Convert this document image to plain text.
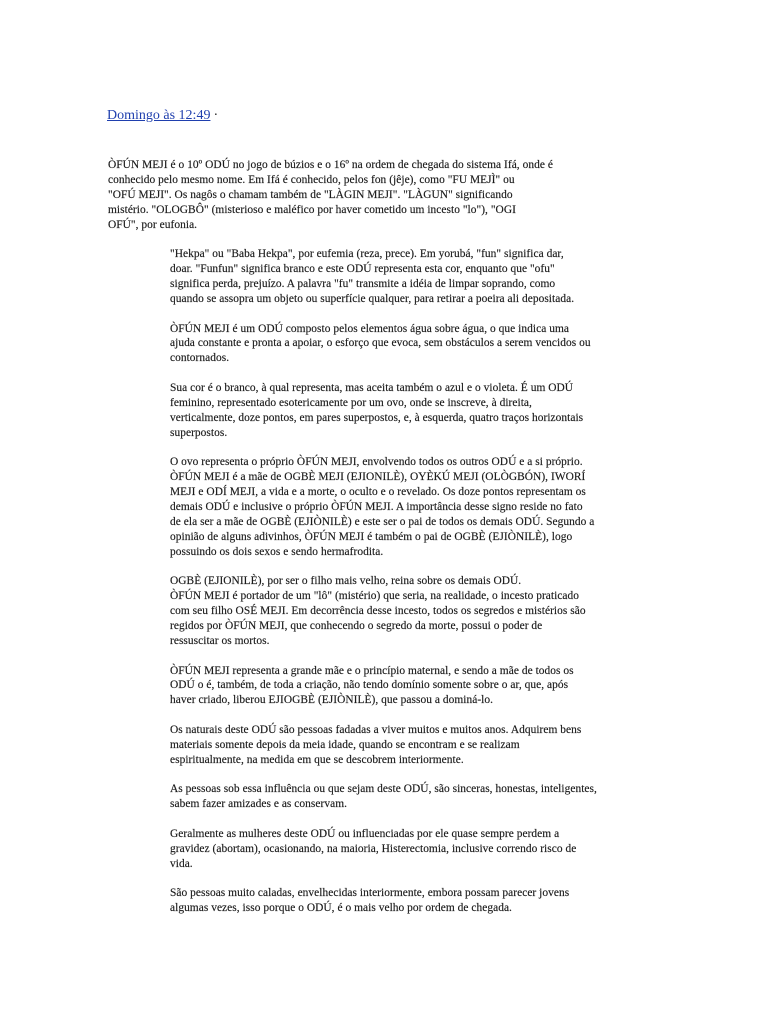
Domingo às 12:49 ·

ÒFÚN MEJI é o 10º ODÚ no jogo de búzios e o 16º na ordem de chegada do sistema Ifá, onde é
conhecido pelo mesmo nome. Em Ifá é conhecido, pelos fon (jêje), como "FU MEJÌ" ou
"OFÚ MEJI". Os nagôs o chamam também de "LÀGIN MEJI". "LÀGUN" significando
mistério. "OLOGBÔ" (misterioso e maléfico por haver cometido um incesto "lo"), "OGI
OFÚ", por eufonia.

"Hekpa" ou "Baba Hekpa", por eufemia (reza, prece). Em yorubá, "fun" significa dar,
doar. "Funfun" significa branco e este ODÚ representa esta cor, enquanto que "ofu"
significa perda, prejuízo. A palavra "fu" transmite a idéia de limpar soprando, como
quando se assopra um objeto ou superfície qualquer, para retirar a poeira ali depositada.

ÒFÚN MEJI é um ODÚ composto pelos elementos água sobre água, o que indica uma
ajuda constante e pronta a apoiar, o esforço que evoca, sem obstáculos a serem vencidos ou
contornados.

Sua cor é o branco, à qual representa, mas aceita também o azul e o violeta. É um ODÚ
feminino, representado esotericamente por um ovo, onde se inscreve, à direita,
verticalmente, doze pontos, em pares superpostos, e, à esquerda, quatro traços horizontais
superpostos.

O ovo representa o próprio ÒFÚN MEJI, envolvendo todos os outros ODÚ e a si próprio.
ÒFÚN MEJI é a mãe de OGBÈ MEJI (EJIONILÈ), OYÈKÚ MEJI (OLÒGBÓN), IWORÍ
MEJI e ODÍ MEJI, a vida e a morte, o oculto e o revelado. Os doze pontos representam os
demais ODÚ e inclusive o próprio ÒFÚN MEJI. A importância desse signo reside no fato
de ela ser a mãe de OGBÈ (EJIÒNILÈ) e este ser o pai de todos os demais ODÚ. Segundo a
opinião de alguns adivinhos, ÒFÚN MEJI é também o pai de OGBÈ (EJIÒNILÈ), logo
possuindo os dois sexos e sendo hermafrodita.

OGBÈ (EJIONILÈ), por ser o filho mais velho, reina sobre os demais ODÚ.
ÒFÚN MEJI é portador de um "lô" (mistério) que seria, na realidade, o incesto praticado
com seu filho OSÉ MEJI. Em decorrência desse incesto, todos os segredos e mistérios são
regidos por ÒFÚN MEJI, que conhecendo o segredo da morte, possui o poder de
ressuscitar os mortos.

ÒFÚN MEJI representa a grande mãe e o princípio maternal, e sendo a mãe de todos os
ODÚ o é, também, de toda a criação, não tendo domínio somente sobre o ar, que, após
haver criado, liberou EJIOGBÈ (EJIÒNILÈ), que passou a dominá-lo.

Os naturais deste ODÚ são pessoas fadadas a viver muitos e muitos anos. Adquirem bens
materiais somente depois da meia idade, quando se encontram e se realizam
espiritualmente, na medida em que se descobrem interiormente.

As pessoas sob essa influência ou que sejam deste ODÚ, são sinceras, honestas, inteligentes,
sabem fazer amizades e as conservam.

Geralmente as mulheres deste ODÚ ou influenciadas por ele quase sempre perdem a
gravidez (abortam), ocasionando, na maioria, Histerectomia, inclusive correndo risco de
vida.

São pessoas muito caladas, envelhecidas interiormente, embora possam parecer jovens
algumas vezes, isso porque o ODÚ, é o mais velho por ordem de chegada.
